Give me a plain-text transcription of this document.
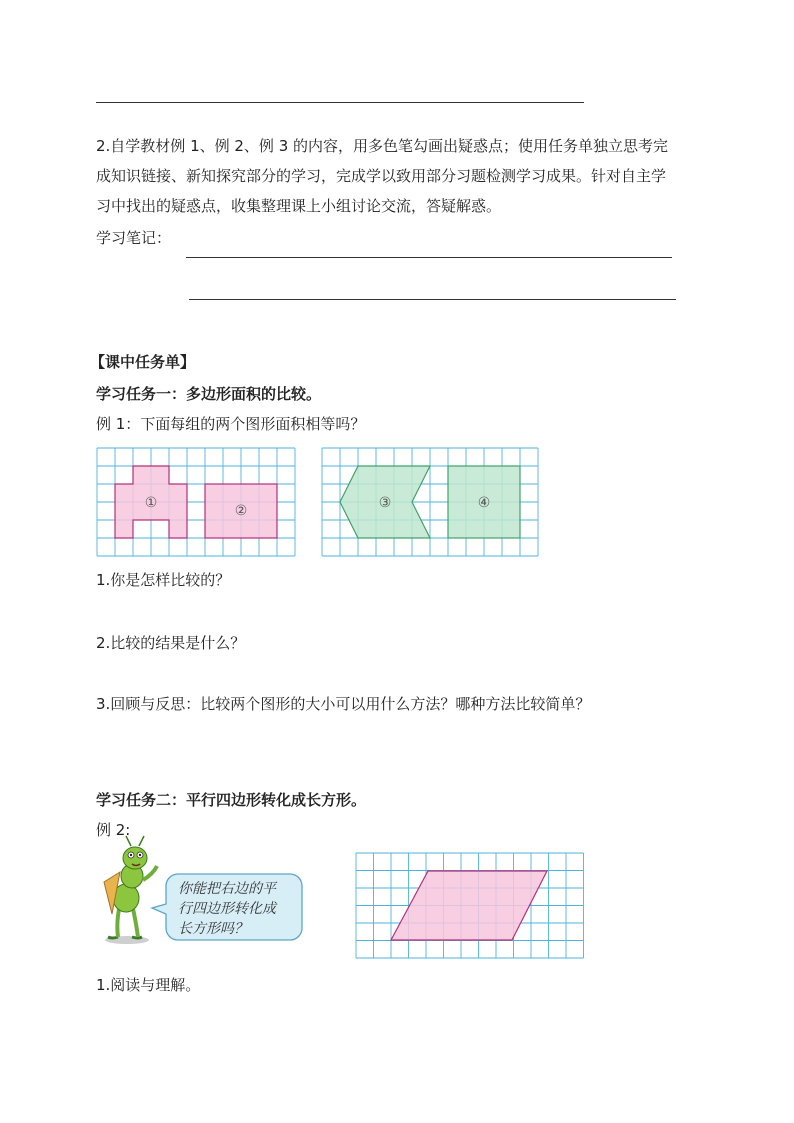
2.自学教材例 1、例 2、例 3 的内容，用多色笔勾画出疑惑点；使用任务单独立思考完
成知识链接、新知探究部分的学习，完成学以致用部分习题检测学习成果。针对自主学
习中找出的疑惑点，收集整理课上小组讨论交流，答疑解惑。
学习笔记：
【课中任务单】
学习任务一：多边形面积的比较。
例 1：下面每组的两个图形面积相等吗？
①	②	③	④
1.你是怎样比较的？
2.比较的结果是什么？
3.回顾与反思：比较两个图形的大小可以用什么方法？哪种方法比较简单？
学习任务二：平行四边形转化成长方形。
例 2:
你能把右边的平
行四边形转化成
长方形吗？
1.阅读与理解。
